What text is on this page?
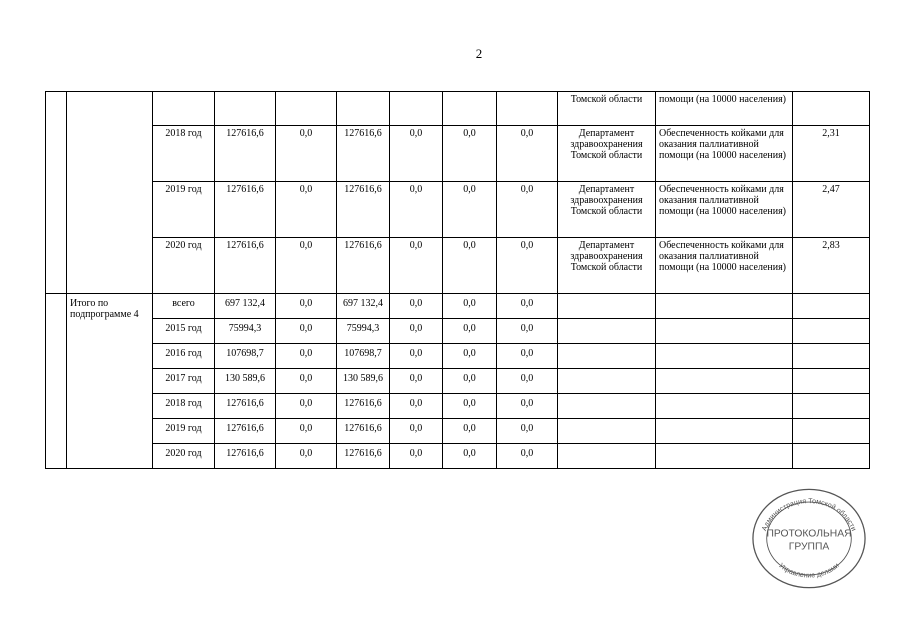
2
									Томской области	помощи (на 10000 населения)	
		2018 год	127616,6	0,0	127616,6	0,0	0,0	0,0	Департамент здравоохранения Томской области	Обеспеченность койками для оказания паллиативной помощи (на 10000 населения)	2,31
		2019 год	127616,6	0,0	127616,6	0,0	0,0	0,0	Департамент здравоохранения Томской области	Обеспеченность койками для оказания паллиативной помощи (на 10000 населения)	2,47
		2020 год	127616,6	0,0	127616,6	0,0	0,0	0,0	Департамент здравоохранения Томской области	Обеспеченность койками для оказания паллиативной помощи (на 10000 населения)	2,83
	Итого по подпрограмме 4	всего	697 132,4	0,0	697 132,4	0,0	0,0	0,0			
		2015 год	75994,3	0,0	75994,3	0,0	0,0	0,0			
		2016 год	107698,7	0,0	107698,7	0,0	0,0	0,0			
		2017 год	130 589,6	0,0	130 589,6	0,0	0,0	0,0			
		2018 год	127616,6	0,0	127616,6	0,0	0,0	0,0			
		2019 год	127616,6	0,0	127616,6	0,0	0,0	0,0			
		2020 год	127616,6	0,0	127616,6	0,0	0,0	0,0			
Администрация Томской области
Управление делами
ПРОТОКОЛЬНАЯ
ГРУППА
